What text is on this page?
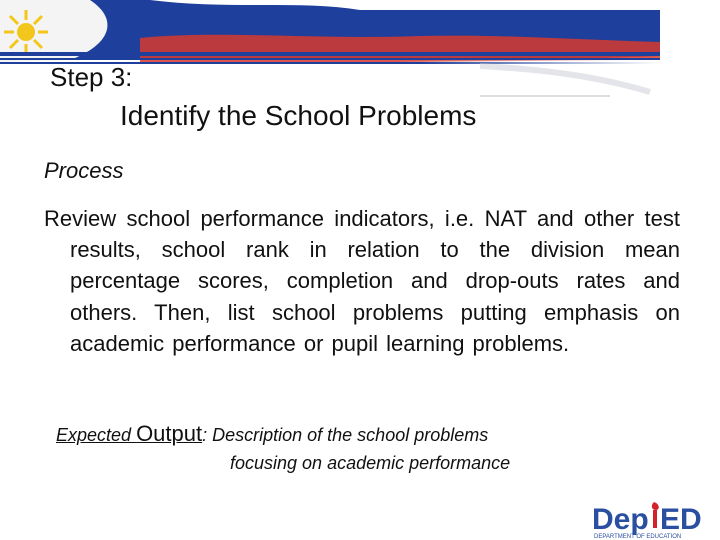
Step 3:
Identify the School Problems
Process
Review school performance indicators, i.e. NAT and other test results, school rank in relation to the division mean percentage scores, completion and drop-outs rates and others. Then, list school problems putting emphasis on academic performance or pupil learning problems.
Expected Output: Description of the school problems
focusing on academic performance
Dep ED
DEPARTMENT OF EDUCATION
